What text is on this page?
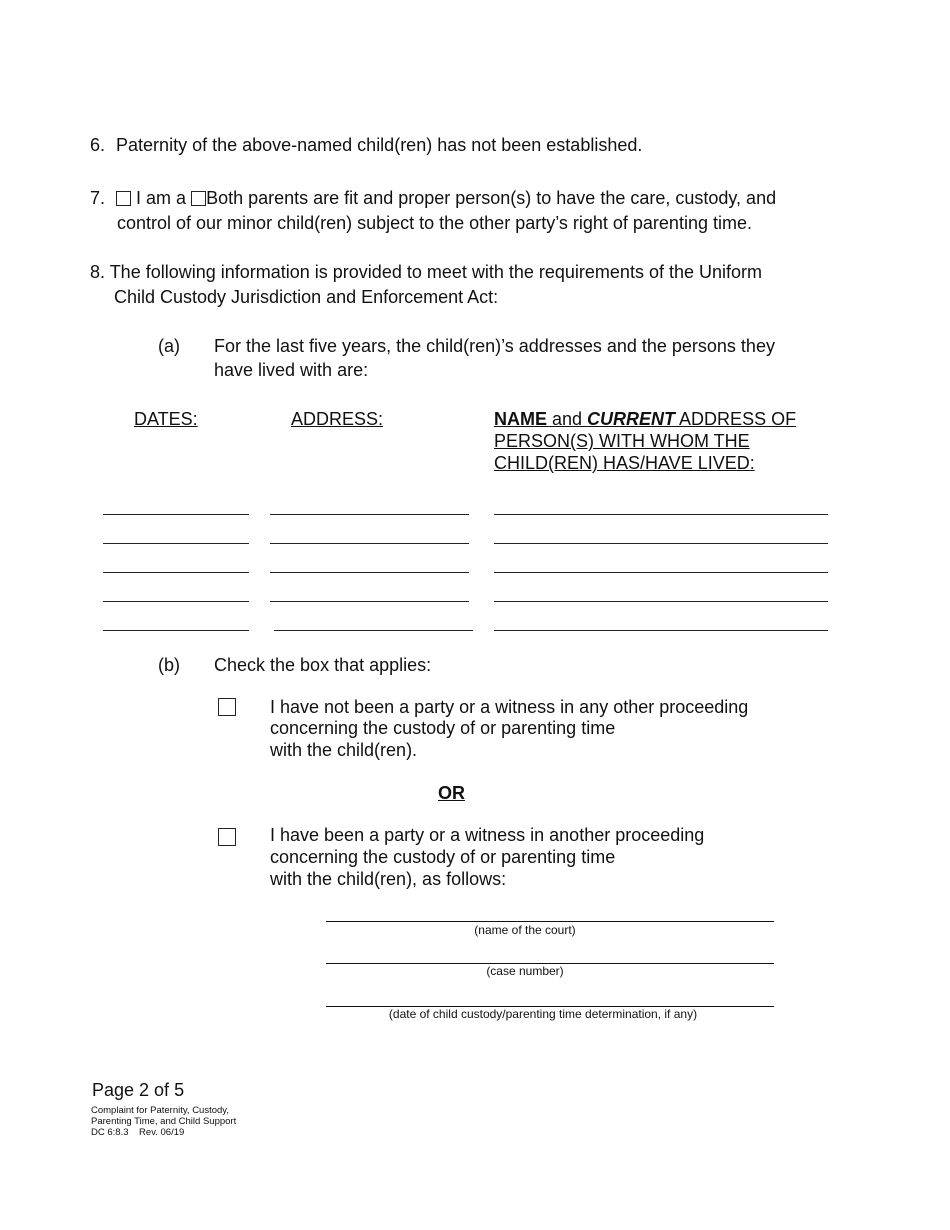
6. Paternity of the above-named child(ren) has not been established.
7. I am a Both parents are fit and proper person(s) to have the care, custody, and
control of our minor child(ren) subject to the other party’s right of parenting time.
8. The following information is provided to meet with the requirements of the Uniform
Child Custody Jurisdiction and Enforcement Act:
(a) For the last five years, the child(ren)’s addresses and the persons they
have lived with are:
DATES:	ADDRESS:	NAME and CURRENT ADDRESS OF
PERSON(S) WITH WHOM THE
CHILD(REN) HAS/HAVE LIVED:
(b) Check the box that applies:
I have not been a party or a witness in any other proceeding
concerning the custody of or parenting time
with the child(ren).
OR
I have been a party or a witness in another proceeding
concerning the custody of or parenting time
with the child(ren), as follows:
(name of the court)
(case number)
(date of child custody/parenting time determination, if any)
Page 2 of 5
Complaint for Paternity, Custody,
Parenting Time, and Child Support
DC 6:8.3    Rev. 06/19
